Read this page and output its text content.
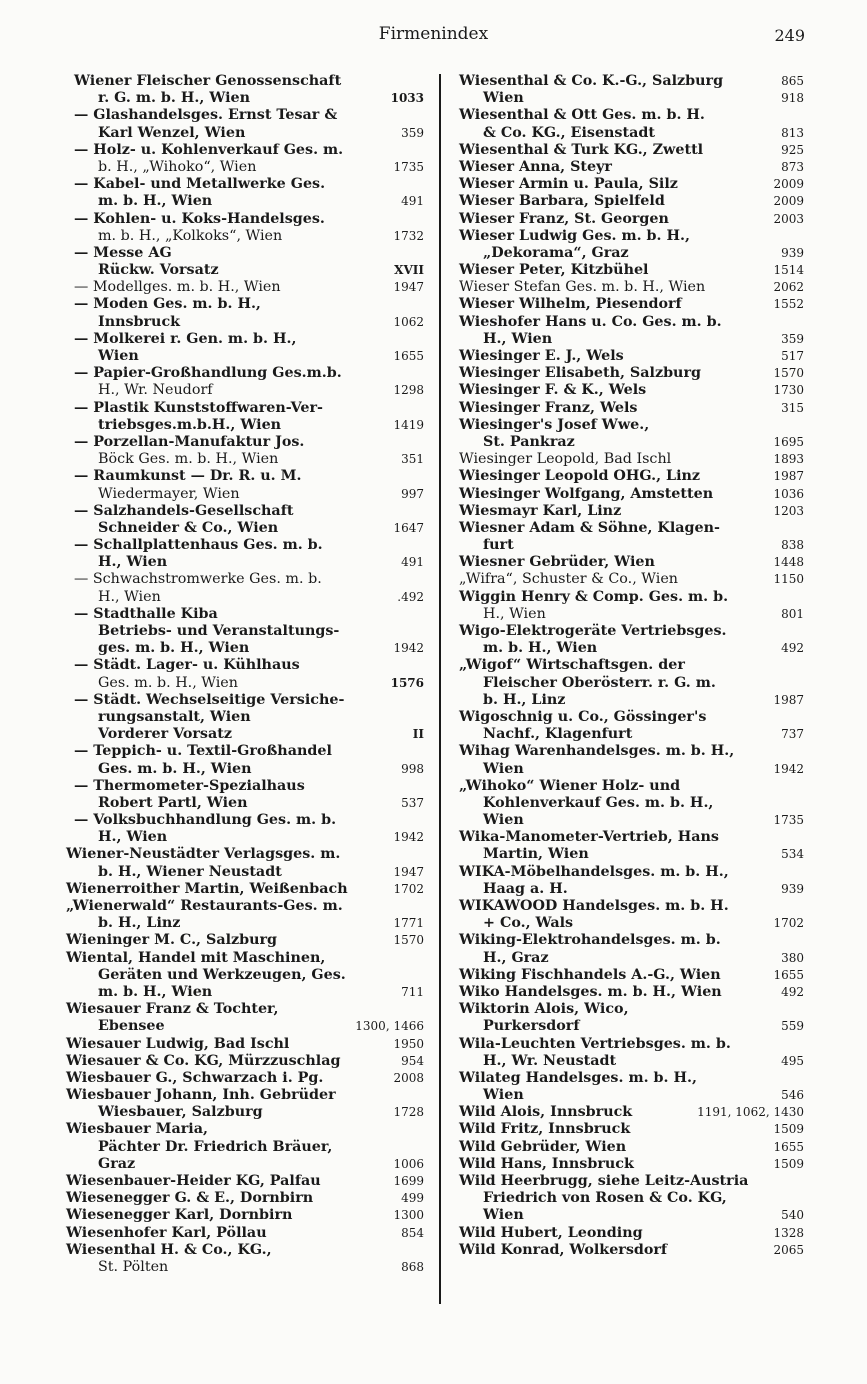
Firmenindex	249
Wiener Fleischer Genossenschaft
r. G. m. b. H., Wien	1033
— Glashandelsges. Ernst Tesar &
Karl Wenzel, Wien	359
— Holz- u. Kohlenverkauf Ges. m.
b. H., „Wihoko“, Wien	1735
— Kabel- und Metallwerke Ges.
m. b. H., Wien	491
— Kohlen- u. Koks-Handelsges.
m. b. H., „Kolkoks“, Wien	1732
— Messe AG
Rückw. Vorsatz	XVII
— Modellges. m. b. H., Wien	1947
— Moden Ges. m. b. H.,
Innsbruck	1062
— Molkerei r. Gen. m. b. H.,
Wien	1655
— Papier-Großhandlung Ges.m.b.
H., Wr. Neudorf	1298
— Plastik Kunststoffwaren-Ver-
triebsges.m.b.H., Wien	1419
— Porzellan-Manufaktur Jos.
Böck Ges. m. b. H., Wien	351
— Raumkunst — Dr. R. u. M.
Wiedermayer, Wien	997
— Salzhandels-Gesellschaft
Schneider & Co., Wien	1647
— Schallplattenhaus Ges. m. b.
H., Wien	491
— Schwachstromwerke Ges. m. b.
H., Wien	.492
— Stadthalle Kiba
Betriebs- und Veranstaltungs-
ges. m. b. H., Wien	1942
— Städt. Lager- u. Kühlhaus
Ges. m. b. H., Wien	1576
— Städt. Wechselseitige Versiche-
rungsanstalt, Wien
Vorderer Vorsatz	II
— Teppich- u. Textil-Großhandel
Ges. m. b. H., Wien	998
— Thermometer-Spezialhaus
Robert Partl, Wien	537
— Volksbuchhandlung Ges. m. b.
H., Wien	1942
Wiener-Neustädter Verlagsges. m.
b. H., Wiener Neustadt	1947
Wienerroither Martin, Weißenbach	1702
„Wienerwald“ Restaurants-Ges. m.
b. H., Linz	1771
Wieninger M. C., Salzburg	1570
Wiental, Handel mit Maschinen,
Geräten und Werkzeugen, Ges.
m. b. H., Wien	711
Wiesauer Franz & Tochter,
Ebensee	1300, 1466
Wiesauer Ludwig, Bad Ischl	1950
Wiesauer & Co. KG, Mürzzuschlag	954
Wiesbauer G., Schwarzach i. Pg.	2008
Wiesbauer Johann, Inh. Gebrüder
Wiesbauer, Salzburg	1728
Wiesbauer Maria,
Pächter Dr. Friedrich Bräuer,
Graz	1006
Wiesenbauer-Heider KG, Palfau	1699
Wiesenegger G. & E., Dornbirn	499
Wiesenegger Karl, Dornbirn	1300
Wiesenhofer Karl, Pöllau	854
Wiesenthal H. & Co., KG.,
St. Pölten	868
Wiesenthal & Co. K.-G., Salzburg	865
Wien	918
Wiesenthal & Ott Ges. m. b. H.
& Co. KG., Eisenstadt	813
Wiesenthal & Turk KG., Zwettl	925
Wieser Anna, Steyr	873
Wieser Armin u. Paula, Silz	2009
Wieser Barbara, Spielfeld	2009
Wieser Franz, St. Georgen	2003
Wieser Ludwig Ges. m. b. H.,
„Dekorama“, Graz	939
Wieser Peter, Kitzbühel	1514
Wieser Stefan Ges. m. b. H., Wien	2062
Wieser Wilhelm, Piesendorf	1552
Wieshofer Hans u. Co. Ges. m. b.
H., Wien	359
Wiesinger E. J., Wels	517
Wiesinger Elisabeth, Salzburg	1570
Wiesinger F. & K., Wels	1730
Wiesinger Franz, Wels	315
Wiesinger's Josef Wwe.,
St. Pankraz	1695
Wiesinger Leopold, Bad Ischl	1893
Wiesinger Leopold OHG., Linz	1987
Wiesinger Wolfgang, Amstetten	1036
Wiesmayr Karl, Linz	1203
Wiesner Adam & Söhne, Klagen-
furt	838
Wiesner Gebrüder, Wien	1448
„Wifra“, Schuster & Co., Wien	1150
Wiggin Henry & Comp. Ges. m. b.
H., Wien	801
Wigo-Elektrogeräte Vertriebsges.
m. b. H., Wien	492
„Wigof“ Wirtschaftsgen. der
Fleischer Oberösterr. r. G. m.
b. H., Linz	1987
Wigoschnig u. Co., Gössinger's
Nachf., Klagenfurt	737
Wihag Warenhandelsges. m. b. H.,
Wien	1942
„Wihoko“ Wiener Holz- und
Kohlenverkauf Ges. m. b. H.,
Wien	1735
Wika-Manometer-Vertrieb, Hans
Martin, Wien	534
WIKA-Möbelhandelsges. m. b. H.,
Haag a. H.	939
WIKAWOOD Handelsges. m. b. H.
+ Co., Wals	1702
Wiking-Elektrohandelsges. m. b.
H., Graz	380
Wiking Fischhandels A.-G., Wien	1655
Wiko Handelsges. m. b. H., Wien	492
Wiktorin Alois, Wico,
Purkersdorf	559
Wila-Leuchten Vertriebsges. m. b.
H., Wr. Neustadt	495
Wilateg Handelsges. m. b. H.,
Wien	546
Wild Alois, Innsbruck	1191, 1062, 1430
Wild Fritz, Innsbruck	1509
Wild Gebrüder, Wien	1655
Wild Hans, Innsbruck	1509
Wild Heerbrugg, siehe Leitz-Austria
Friedrich von Rosen & Co. KG,
Wien	540
Wild Hubert, Leonding	1328
Wild Konrad, Wolkersdorf	2065
